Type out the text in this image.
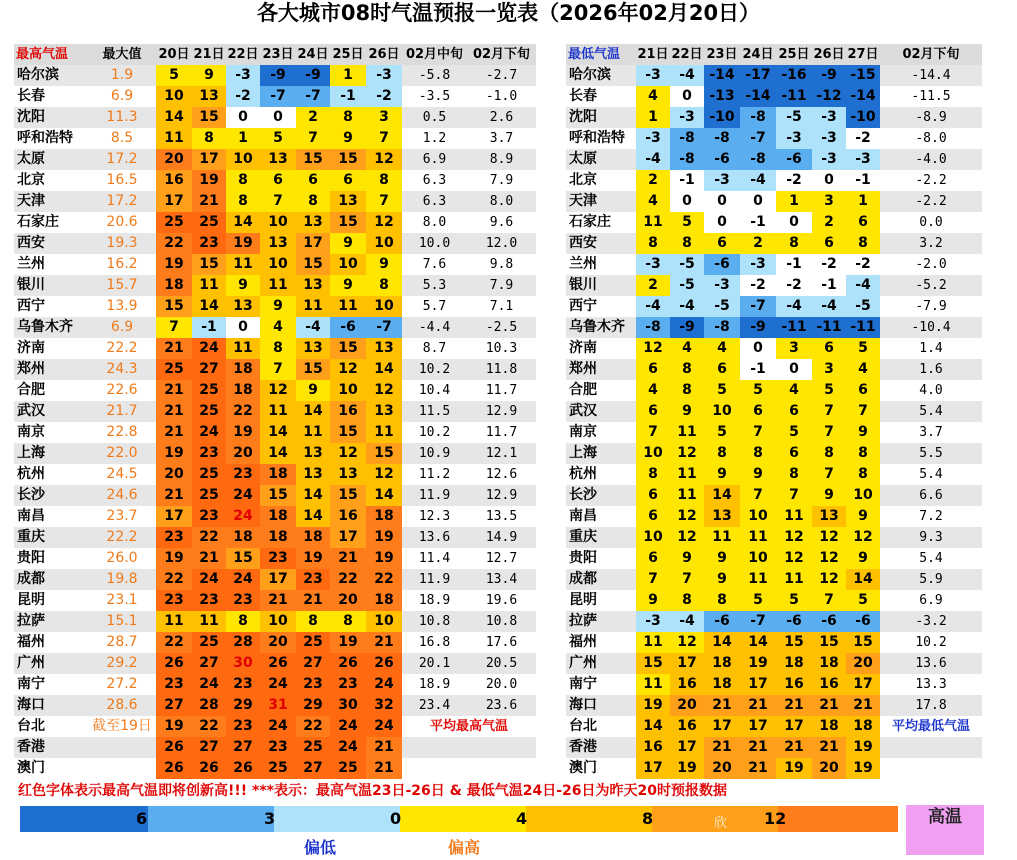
各大城市08时气温预报一览表（2026年02月20日）
最高气温	最大值	20日	21日	22日	23日	24日	25日	26日	02月中旬	02月下旬
哈尔滨	1.9	5	9	-3	-9	-9	1	-3	-5.8	-2.7
长春	6.9	10	13	-2	-7	-7	-1	-2	-3.5	-1.0
沈阳	11.3	14	15	0	0	2	8	3	0.5	2.6
呼和浩特	8.5	11	8	1	5	7	9	7	1.2	3.7
太原	17.2	20	17	10	13	15	15	12	6.9	8.9
北京	16.5	16	19	8	6	6	6	8	6.3	7.9
天津	17.2	17	21	8	7	8	13	7	6.3	8.0
石家庄	20.6	25	25	14	10	13	15	12	8.0	9.6
西安	19.3	22	23	19	13	17	9	10	10.0	12.0
兰州	16.2	19	15	11	10	15	10	9	7.6	9.8
银川	15.7	18	11	9	11	13	9	8	5.3	7.9
西宁	13.9	15	14	13	9	11	11	10	5.7	7.1
乌鲁木齐	6.9	7	-1	0	4	-4	-6	-7	-4.4	-2.5
济南	22.2	21	24	11	8	13	15	13	8.7	10.3
郑州	24.3	25	27	18	7	15	12	14	10.2	11.8
合肥	22.6	21	25	18	12	9	10	12	10.4	11.7
武汉	21.7	21	25	22	11	14	16	13	11.5	12.9
南京	22.8	21	24	19	14	11	15	11	10.2	11.7
上海	22.0	19	23	20	14	13	12	15	10.9	12.1
杭州	24.5	20	25	23	18	13	13	12	11.2	12.6
长沙	24.6	21	25	24	15	14	15	14	11.9	12.9
南昌	23.7	17	23	24	18	14	16	18	12.3	13.5
重庆	22.2	23	22	18	18	18	17	19	13.6	14.9
贵阳	26.0	19	21	15	23	19	21	19	11.4	12.7
成都	19.8	22	24	24	17	23	22	22	11.9	13.4
昆明	23.1	23	23	23	21	21	20	18	18.9	19.6
拉萨	15.1	11	11	8	10	8	8	10	10.8	10.8
福州	28.7	22	25	28	20	25	19	21	16.8	17.6
广州	29.2	26	27	30	26	27	26	26	20.1	20.5
南宁	27.2	23	24	23	24	23	23	24	18.9	20.0
海口	28.6	27	28	29	31	29	30	32	23.4	23.6
台北	截至19日	19	22	23	24	22	24	24	平均最高气温	
香港		26	27	27	23	25	24	21		
澳门		26	26	26	25	27	25	21		
最低气温	21日	22日	23日	24日	25日	26日	27日	02月下旬
哈尔滨	-3	-4	-14	-17	-16	-9	-15	-14.4
长春	4	0	-13	-14	-11	-12	-14	-11.5
沈阳	1	-3	-10	-8	-5	-3	-10	-8.9
呼和浩特	-3	-8	-8	-7	-3	-3	-2	-8.0
太原	-4	-8	-6	-8	-6	-3	-3	-4.0
北京	2	-1	-3	-4	-2	0	-1	-2.2
天津	4	0	0	0	1	3	1	-2.2
石家庄	11	5	0	-1	0	2	6	0.0
西安	8	8	6	2	8	6	8	3.2
兰州	-3	-5	-6	-3	-1	-2	-2	-2.0
银川	2	-5	-3	-2	-2	-1	-4	-5.2
西宁	-4	-4	-5	-7	-4	-4	-5	-7.9
乌鲁木齐	-8	-9	-8	-9	-11	-11	-11	-10.4
济南	12	4	4	0	3	6	5	1.4
郑州	6	8	6	-1	0	3	4	1.6
合肥	4	8	5	5	4	5	6	4.0
武汉	6	9	10	6	6	7	7	5.4
南京	7	11	5	7	5	7	9	3.7
上海	10	12	8	8	6	8	8	5.5
杭州	8	11	9	9	8	7	8	5.4
长沙	6	11	14	7	7	9	10	6.6
南昌	6	12	13	10	11	13	9	7.2
重庆	10	12	11	11	12	12	12	9.3
贵阳	6	9	9	10	12	12	9	5.4
成都	7	7	9	11	11	12	14	5.9
昆明	9	8	8	5	5	7	5	6.9
拉萨	-3	-4	-6	-7	-6	-6	-6	-3.2
福州	11	12	14	14	15	15	15	10.2
广州	15	17	18	19	18	18	20	13.6
南宁	11	16	18	17	16	16	17	13.3
海口	19	20	21	21	21	21	21	17.8
台北	14	16	17	17	17	18	18	平均最低气温
香港	16	17	21	21	21	21	19	
澳门	17	19	20	21	19	20	19	
红色字体表示最高气温即将创新高!!! ***表示：最高气温23日-26日 & 最低气温24日-26日为昨天20时预报数据
6	3	0	4	8	12
偏低	偏高
高温
欣
